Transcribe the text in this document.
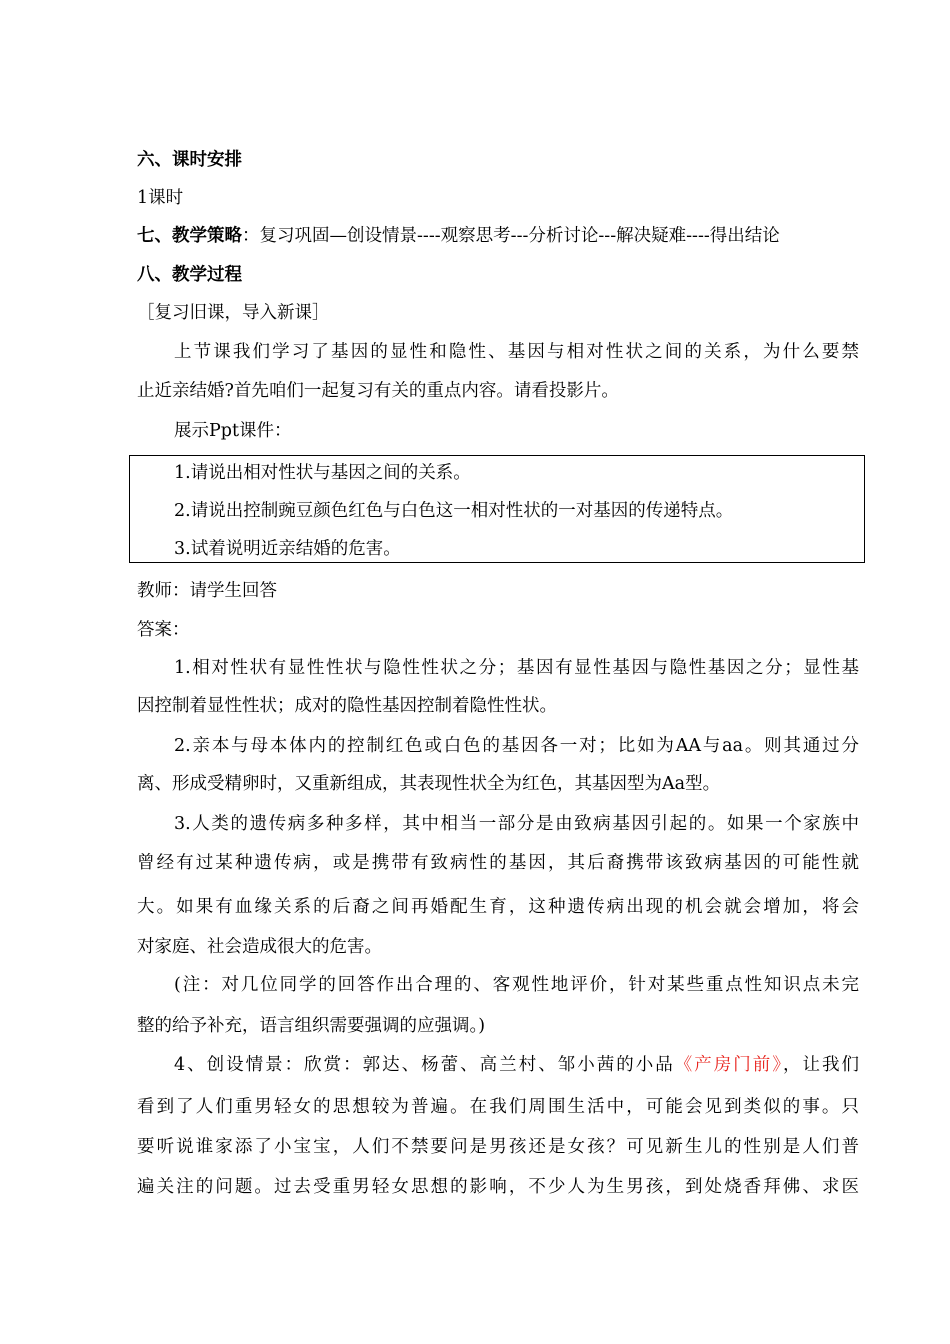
六、课时安排
1课时
七、教学策略：复习巩固—创设情景----观察思考---分析讨论---解决疑难----得出结论
八、教学过程
［复习旧课，导入新课］
上节课我们学习了基因的显性和隐性、基因与相对性状之间的关系，为什么要禁
止近亲结婚?首先咱们一起复习有关的重点内容。请看投影片。
展示Ppt课件：
1.请说出相对性状与基因之间的关系。
2.请说出控制豌豆颜色红色与白色这一相对性状的一对基因的传递特点。
3.试着说明近亲结婚的危害。
教师：请学生回答
答案：
1.相对性状有显性性状与隐性性状之分；基因有显性基因与隐性基因之分；显性基
因控制着显性性状；成对的隐性基因控制着隐性性状。
2.亲本与母本体内的控制红色或白色的基因各一对；比如为AA与aa。则其通过分
离、形成受精卵时，又重新组成，其表现性状全为红色，其基因型为Aa型。
3.人类的遗传病多种多样，其中相当一部分是由致病基因引起的。如果一个家族中
曾经有过某种遗传病，或是携带有致病性的基因，其后裔携带该致病基因的可能性就
大。如果有血缘关系的后裔之间再婚配生育，这种遗传病出现的机会就会增加，将会
对家庭、社会造成很大的危害。
(注：对几位同学的回答作出合理的、客观性地评价，针对某些重点性知识点未完
整的给予补充，语言组织需要强调的应强调。)
4、创设情景：欣赏：郭达、杨蕾、高兰村、邹小茜的小品《产房门前》，让我们
看到了人们重男轻女的思想较为普遍。在我们周围生活中，可能会见到类似的事。只
要听说谁家添了小宝宝，人们不禁要问是男孩还是女孩？可见新生儿的性别是人们普
遍关注的问题。过去受重男轻女思想的影响，不少人为生男孩，到处烧香拜佛、求医
